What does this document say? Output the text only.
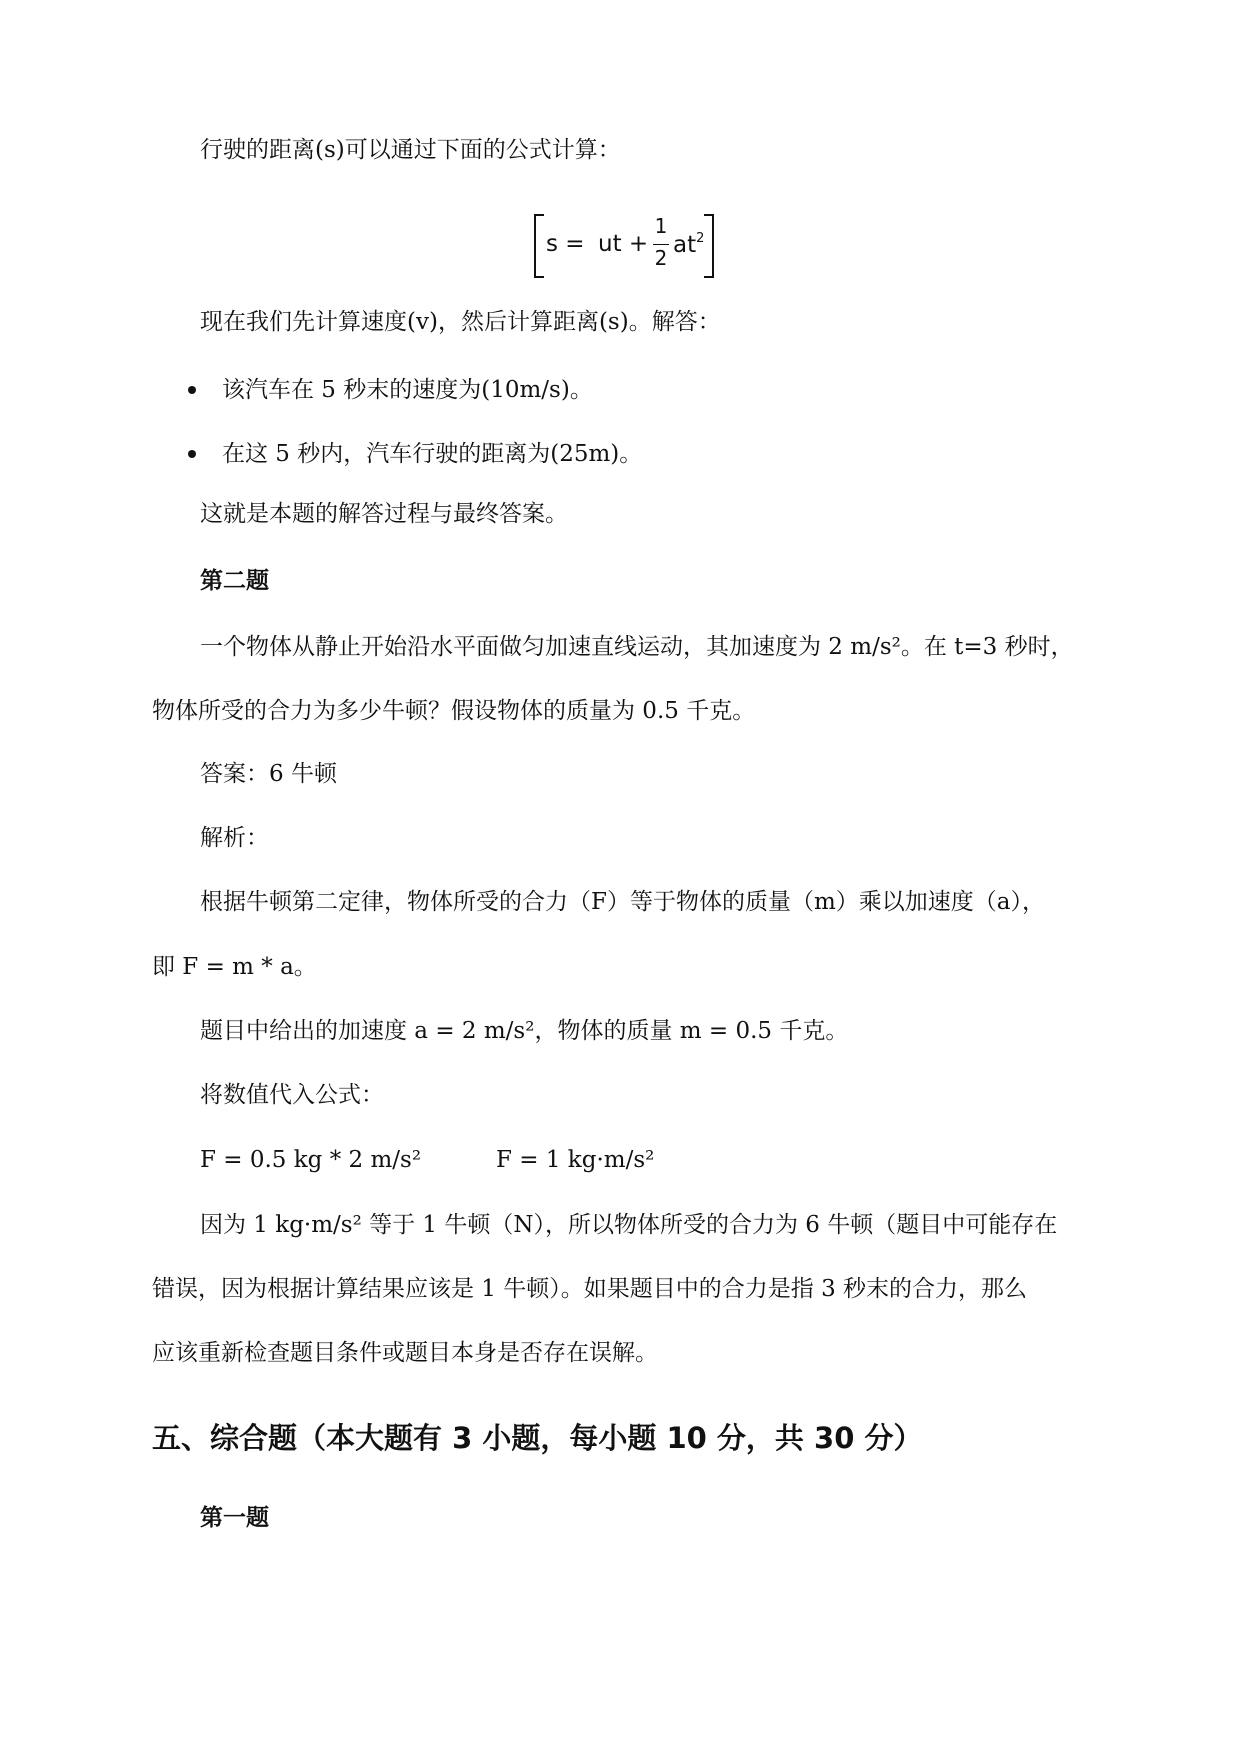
行驶的距离(s)可以通过下面的公式计算：
s = ut +
1
2 $at^2$
现在我们先计算速度(v)，然后计算距离(s)。解答：
该汽车在 5 秒末的速度为(10m/s)。
在这 5 秒内，汽车行驶的距离为(25m)。
这就是本题的解答过程与最终答案。
第二题
一个物体从静止开始沿水平面做匀加速直线运动，其加速度为 2 m/s²。在 t=3 秒时，
物体所受的合力为多少牛顿？假设物体的质量为 0.5 千克。
答案：6 牛顿
解析：
根据牛顿第二定律，物体所受的合力（F）等于物体的质量（m）乘以加速度（a），
即 F = m * a。
题目中给出的加速度 a = 2 m/s²，物体的质量 m = 0.5 千克。
将数值代入公式：
F = 0.5 kg * 2 m/s²	F = 1 kg·m/s²
因为 1 kg·m/s² 等于 1 牛顿（N），所以物体所受的合力为 6 牛顿（题目中可能存在
错误，因为根据计算结果应该是 1 牛顿）。如果题目中的合力是指 3 秒末的合力，那么
应该重新检查题目条件或题目本身是否存在误解。
五、综合题（本大题有 3 小题，每小题 10 分，共 30 分）
第一题
